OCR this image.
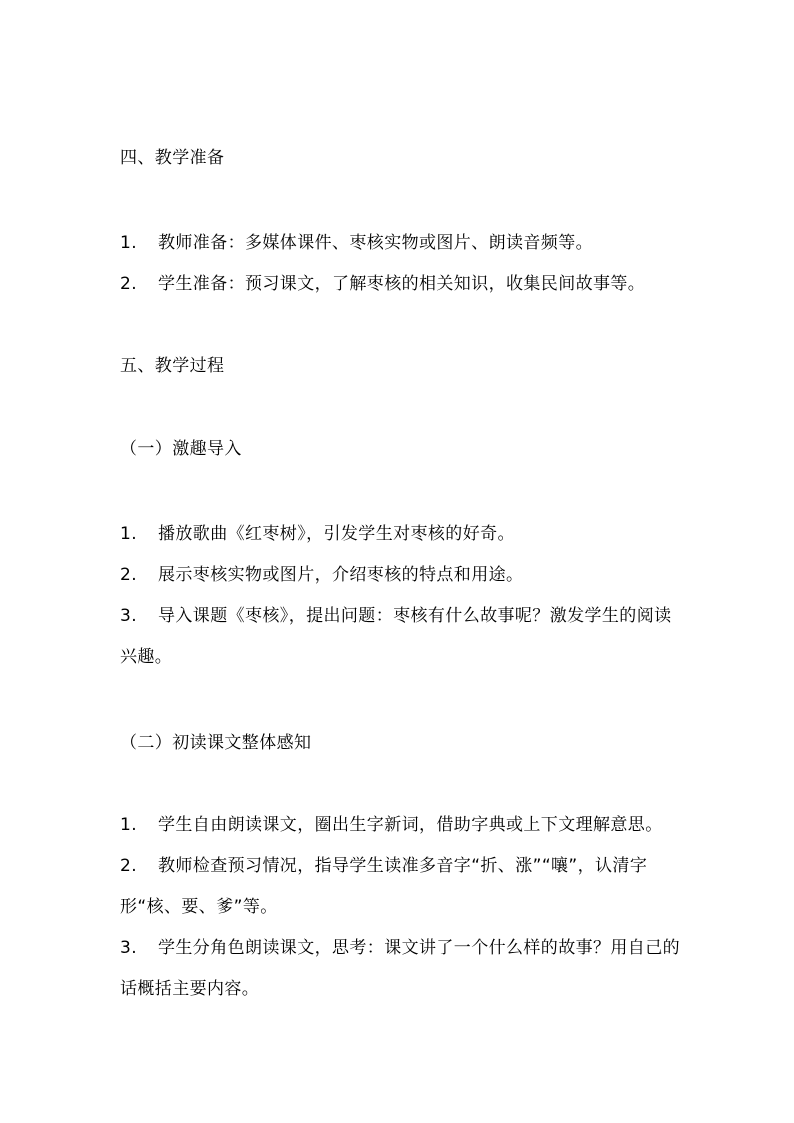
四、教学准备
1. 教师准备：多媒体课件、枣核实物或图片、朗读音频等。
2. 学生准备：预习课文，了解枣核的相关知识，收集民间故事等。
五、教学过程
（一）激趣导入
1. 播放歌曲《红枣树》，引发学生对枣核的好奇。
2. 展示枣核实物或图片，介绍枣核的特点和用途。
3. 导入课题《枣核》，提出问题：枣核有什么故事呢？激发学生的阅读兴趣。
（二）初读课文整体感知
1. 学生自由朗读课文，圈出生字新词，借助字典或上下文理解意思。
2. 教师检查预习情况，指导学生读准多音字“折、涨”“嚷”，认清字形“核、要、爹”等。
3. 学生分角色朗读课文，思考：课文讲了一个什么样的故事？用自己的话概括主要内容。
